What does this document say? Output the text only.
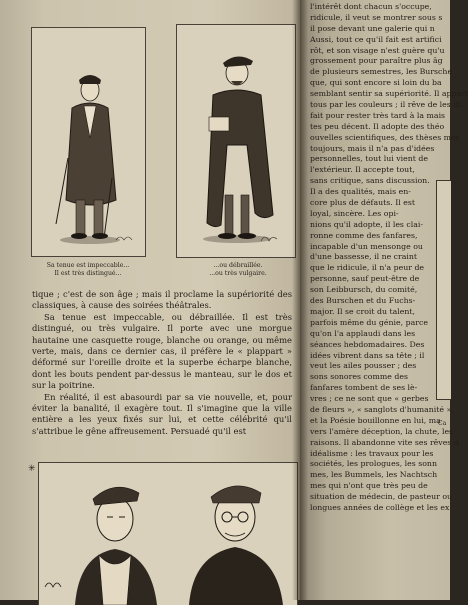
Sa tenue est impeccable...
Il est très distingué...
...ou débraillée.
...ou très vulgaire.

tique ; c'est de son âge ; mais il proclame la supériorité des classiques, à cause des soirées théâtrales.

Sa tenue est impeccable, ou débraillée. Il est très distingué, ou très vulgaire. Il porte avec une morgue hautaine une casquette rouge, blanche ou orange, ou même verte, mais, dans ce dernier cas, il préfère le « plappart » déformé sur l'oreille droite et la superbe écharpe blanche, dont les bouts pendent par-dessus le manteau, sur le dos et sur la poitrine.

En réalité, il est abasourdi par sa vie nouvelle, et, pour éviter la banalité, il exagère tout. Il s'imagine que la ville entière a les yeux fixés sur lui, et cette célébrité qu'il s'attribue le gêne affreusement. Persuadé qu'il est

✳
l'intérêt dont chacun s'occupe,
ridicule, il veut se montrer sous s
il pose devant une galerie qui n
Aussi, tout ce qu'il fait est artifici
rôt, et son visage n'est guère qu'u
grossement pour paraître plus âg
de plusieurs semestres, les Bursche
que, qui sont encore si loin du ba
semblant sentir sa supériorité. Il appart
tous par les couleurs ; il rêve de les ill
fait pour rester très tard à la mais
tes peu décent. Il adopte des théo
ouvelles scientifiques, des thèses mor
toujours, mais il n'a pas d'idées
personnelles, tout lui vient de
l'extérieur. Il accepte tout,
sans critique, sans discussion.
Il a des qualités, mais en-
core plus de défauts. Il est
loyal, sincère. Les opi-
nions qu'il adopte, il les clai-
ronne comme des fanfares,
incapable d'un mensonge ou
d'une bassesse, il ne craint
que le ridicule, il n'a peur de
personne, sauf peut-être de
son Leibbursch, du comité,
des Burschen et du Fuchs-
major. Il se croit du talent,
parfois même du génie, parce
qu'on l'a applaudi dans les
séances hebdomadaires. Des
idées vibrent dans sa tête ; il
veut les ailes pousser ; des
sons sonores comme des
fanfares tombent de ses lè-
vres ; ce ne sont que « gerbes
de fleurs », « sanglots d'humanité »,
et la Poésie bouillonne en lui, ma
vers l'amère déception, la chute, les
raisons. Il abandonne vite ses rêves d
idéalisme : les travaux pour les
sociétés, les prologues, les sonn
mes, les Bummels, les Nachtsch
mes qui n'ont que très peu de
situation de médecin, de pasteur ou
longues années de collège et les ex
Ca
